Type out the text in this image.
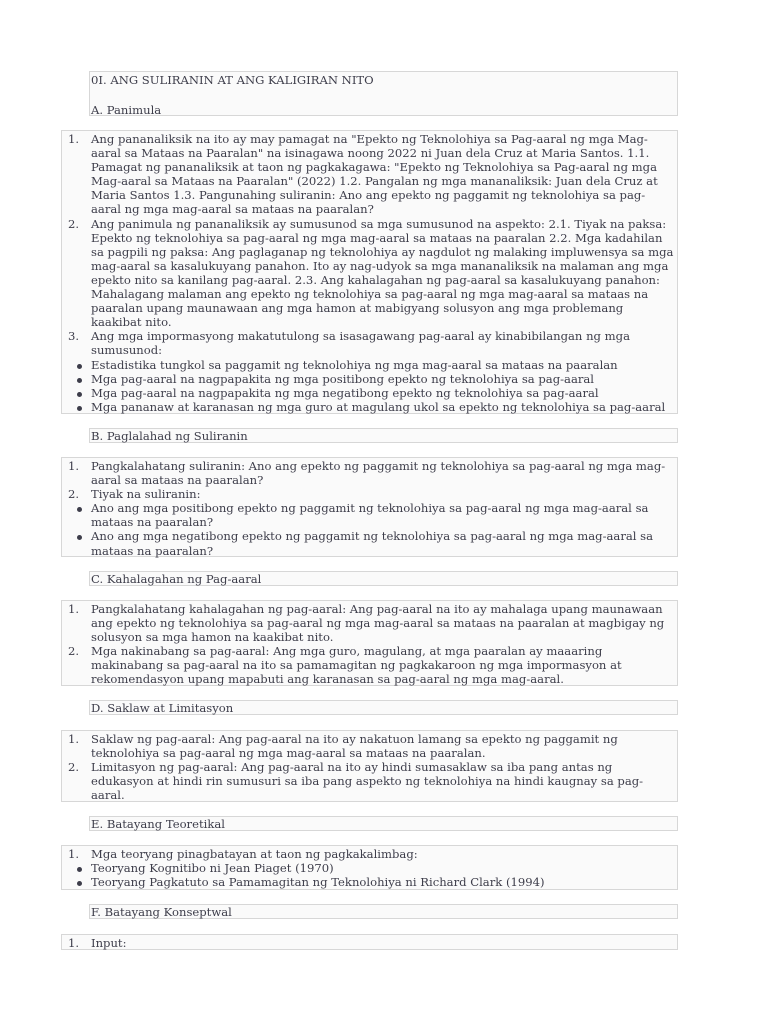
0I. ANG SULIRANIN AT ANG KALIGIRAN NITO
A. Panimula
1.	Ang pananaliksik na ito ay may pamagat na "Epekto ng Teknolohiya sa Pag-aaral ng mga Mag-aaral sa Mataas na Paaralan" na isinagawa noong 2022 ni Juan dela Cruz at Maria Santos. 1.1. Pamagat ng pananaliksik at taon ng pagkakagawa: "Epekto ng Teknolohiya sa Pag-aaral ng mga Mag-aaral sa Mataas na Paaralan" (2022) 1.2. Pangalan ng mga mananaliksik: Juan dela Cruz at Maria Santos 1.3. Pangunahing suliranin: Ano ang epekto ng paggamit ng teknolohiya sa pag-aaral ng mga mag-aaral sa mataas na paaralan?
2.	Ang panimula ng pananaliksik ay sumusunod sa mga sumusunod na aspekto: 2.1. Tiyak na paksa: Epekto ng teknolohiya sa pag-aaral ng mga mag-aaral sa mataas na paaralan 2.2. Mga kadahilan sa pagpili ng paksa: Ang paglaganap ng teknolohiya ay nagdulot ng malaking impluwensya sa mga mag-aaral sa kasalukuyang panahon. Ito ay nag-udyok sa mga mananaliksik na malaman ang mga epekto nito sa kanilang pag-aaral. 2.3. Ang kahalagahan ng pag-aaral sa kasalukuyang panahon: Mahalagang malaman ang epekto ng teknolohiya sa pag-aaral ng mga mag-aaral sa mataas na paaralan upang maunawaan ang mga hamon at mabigyang solusyon ang mga problemang kaakibat nito.
3.	Ang mga impormasyong makatutulong sa isasagawang pag-aaral ay kinabibilangan ng mga sumusunod:
Estadistika tungkol sa paggamit ng teknolohiya ng mga mag-aaral sa mataas na paaralan
Mga pag-aaral na nagpapakita ng mga positibong epekto ng teknolohiya sa pag-aaral
Mga pag-aaral na nagpapakita ng mga negatibong epekto ng teknolohiya sa pag-aaral
Mga pananaw at karanasan ng mga guro at magulang ukol sa epekto ng teknolohiya sa pag-aaral
B. Paglalahad ng Suliranin
1.	Pangkalahatang suliranin: Ano ang epekto ng paggamit ng teknolohiya sa pag-aaral ng mga mag-aaral sa mataas na paaralan?
2.	Tiyak na suliranin:
Ano ang mga positibong epekto ng paggamit ng teknolohiya sa pag-aaral ng mga mag-aaral sa mataas na paaralan?
Ano ang mga negatibong epekto ng paggamit ng teknolohiya sa pag-aaral ng mga mag-aaral sa mataas na paaralan?
C. Kahalagahan ng Pag-aaral
1.	Pangkalahatang kahalagahan ng pag-aaral: Ang pag-aaral na ito ay mahalaga upang maunawaan ang epekto ng teknolohiya sa pag-aaral ng mga mag-aaral sa mataas na paaralan at magbigay ng solusyon sa mga hamon na kaakibat nito.
2.	Mga nakinabang sa pag-aaral: Ang mga guro, magulang, at mga paaralan ay maaaring makinabang sa pag-aaral na ito sa pamamagitan ng pagkakaroon ng mga impormasyon at rekomendasyon upang mapabuti ang karanasan sa pag-aaral ng mga mag-aaral.
D. Saklaw at Limitasyon
1.	Saklaw ng pag-aaral: Ang pag-aaral na ito ay nakatuon lamang sa epekto ng paggamit ng teknolohiya sa pag-aaral ng mga mag-aaral sa mataas na paaralan.
2.	Limitasyon ng pag-aaral: Ang pag-aaral na ito ay hindi sumasaklaw sa iba pang antas ng edukasyon at hindi rin sumusuri sa iba pang aspekto ng teknolohiya na hindi kaugnay sa pag-aaral.
E. Batayang Teoretikal
1.	Mga teoryang pinagbatayan at taon ng pagkakalimbag:
Teoryang Kognitibo ni Jean Piaget (1970)
Teoryang Pagkatuto sa Pamamagitan ng Teknolohiya ni Richard Clark (1994)
F. Batayang Konseptwal
1.	Input:
